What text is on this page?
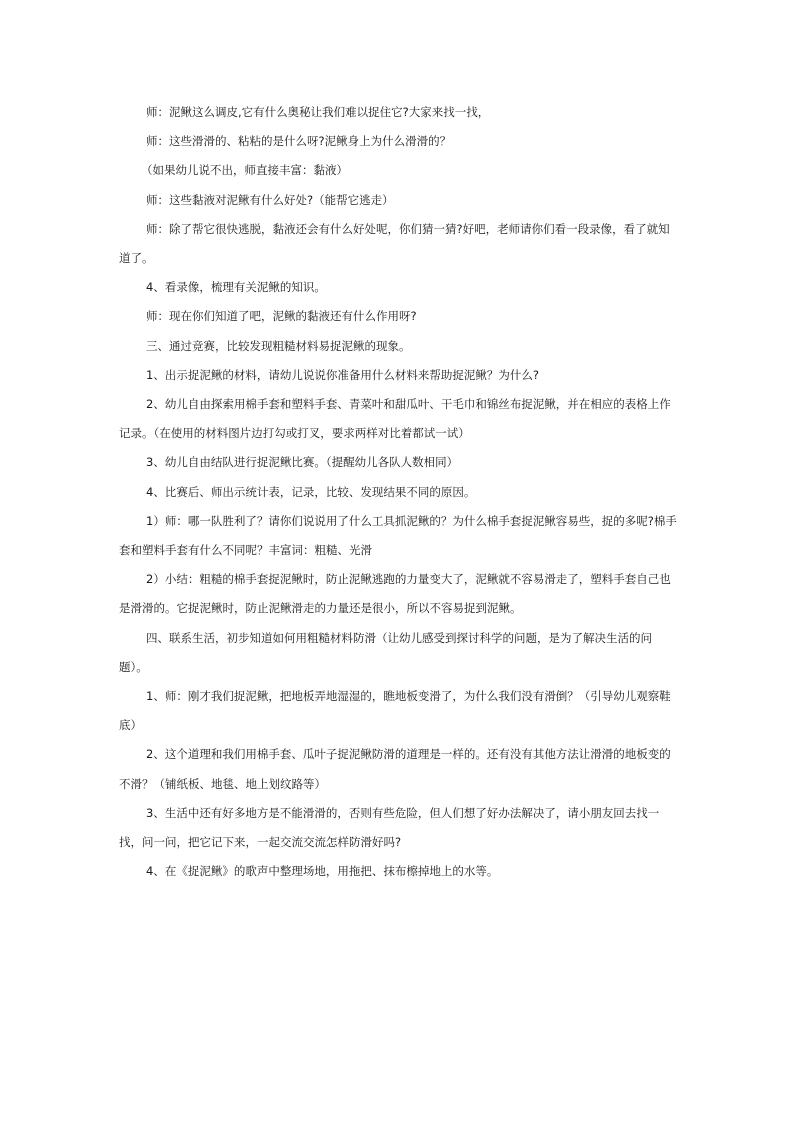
师：泥鳅这么调皮,它有什么奥秘让我们难以捉住它?大家来找一找，

师：这些滑滑的、粘粘的是什么呀?泥鳅身上为什么滑滑的？

（如果幼儿说不出，师直接丰富：黏液）

师：这些黏液对泥鳅有什么好处?（能帮它逃走）

师：除了帮它很快逃脱，黏液还会有什么好处呢，你们猜一猜?好吧，老师请你们看一段录像，看了就知道了。

4、看录像，梳理有关泥鳅的知识。

师：现在你们知道了吧，泥鳅的黏液还有什么作用呀?

三、通过竞赛，比较发现粗糙材料易捉泥鳅的现象。

1、出示捉泥鳅的材料，请幼儿说说你准备用什么材料来帮助捉泥鳅？为什么?

2、幼儿自由探索用棉手套和塑料手套、青菜叶和甜瓜叶、干毛巾和锦丝布捉泥鳅，并在相应的表格上作记录。（在使用的材料图片边打勾或打叉，要求两样对比着都试一试）

3、幼儿自由结队进行捉泥鳅比赛。（提醒幼儿各队人数相同）

4、比赛后、师出示统计表，记录，比较、发现结果不同的原因。

1）师：哪一队胜利了？请你们说说用了什么工具抓泥鳅的？为什么棉手套捉泥鳅容易些，捉的多呢?棉手套和塑料手套有什么不同呢？丰富词：粗糙、光滑

2）小结：粗糙的棉手套捉泥鳅时，防止泥鳅逃跑的力量变大了，泥鳅就不容易滑走了，塑料手套自己也是滑滑的。它捉泥鳅时，防止泥鳅滑走的力量还是很小，所以不容易捉到泥鳅。

四、联系生活，初步知道如何用粗糙材料防滑（让幼儿感受到探讨科学的问题，是为了解决生活的问题）。

1、师：刚才我们捉泥鳅，把地板弄地湿湿的，瞧地板变滑了，为什么我们没有滑倒？（引导幼儿观察鞋底）

2、这个道理和我们用棉手套、瓜叶子捉泥鳅防滑的道理是一样的。还有没有其他方法让滑滑的地板变的不滑？（铺纸板、地毯、地上划纹路等）

3、生活中还有好多地方是不能滑滑的，否则有些危险，但人们想了好办法解决了，请小朋友回去找一找，问一问，把它记下来，一起交流交流怎样防滑好吗?

4、在《捉泥鳅》的歌声中整理场地，用拖把、抹布檫掉地上的水等。
